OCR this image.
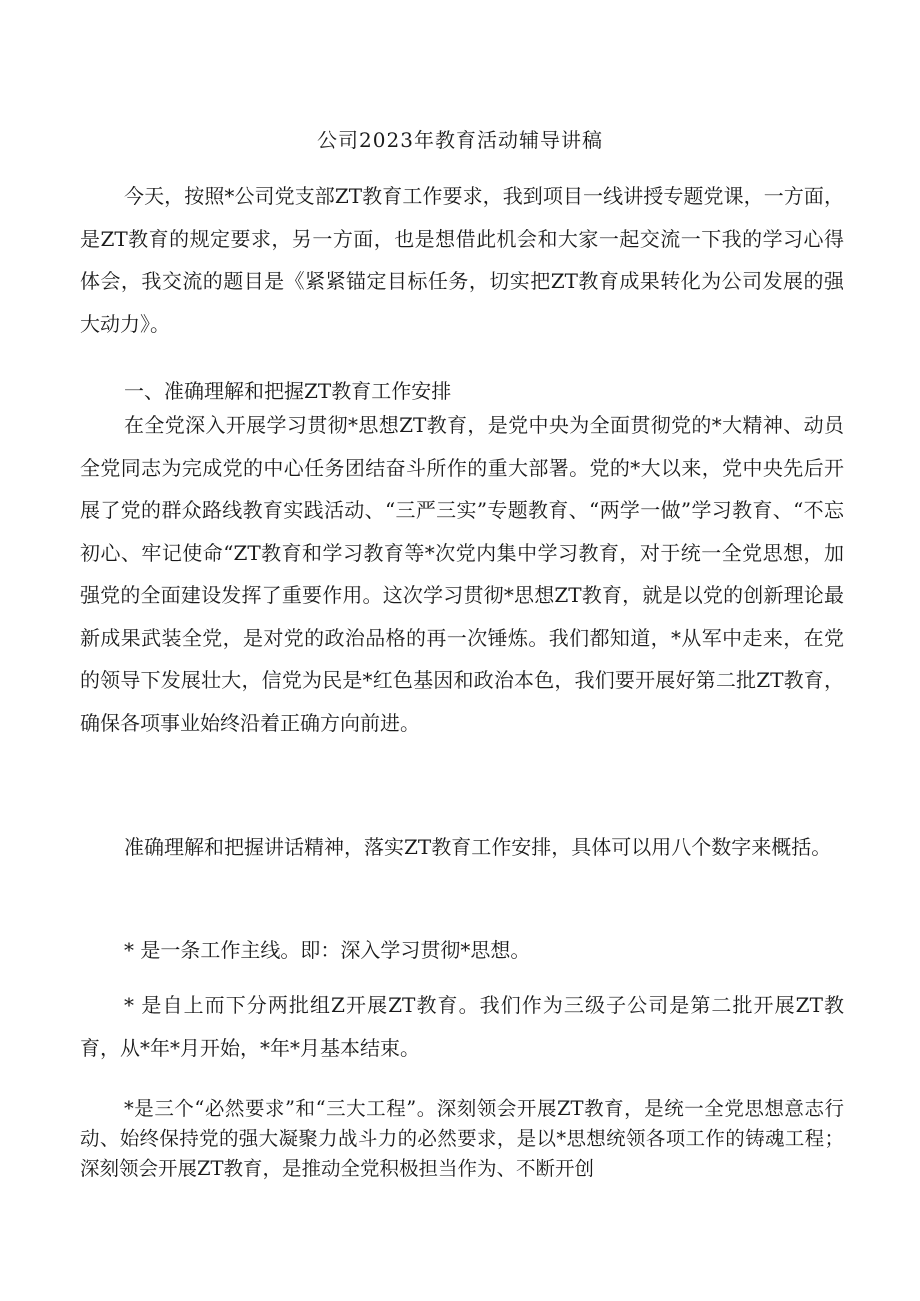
公司2023年教育活动辅导讲稿

今天，按照*公司党支部ZT教育工作要求，我到项目一线讲授专题党课，一方面，是ZT教育的规定要求，另一方面，也是想借此机会和大家一起交流一下我的学习心得体会，我交流的题目是《紧紧锚定目标任务，切实把ZT教育成果转化为公司发展的强大动力》。

一、准确理解和把握ZT教育工作安排

在全党深入开展学习贯彻*思想ZT教育，是党中央为全面贯彻党的*大精神、动员全党同志为完成党的中心任务团结奋斗所作的重大部署。党的*大以来，党中央先后开展了党的群众路线教育实践活动、“三严三实”专题教育、“两学一做”学习教育、“不忘初心、牢记使命“ZT教育和学习教育等*次党内集中学习教育，对于统一全党思想，加强党的全面建设发挥了重要作用。这次学习贯彻*思想ZT教育，就是以党的创新理论最新成果武装全党，是对党的政治品格的再一次锤炼。我们都知道，*从军中走来，在党的领导下发展壮大，信党为民是*红色基因和政治本色，我们要开展好第二批ZT教育，确保各项事业始终沿着正确方向前进。

准确理解和把握讲话精神，落实ZT教育工作安排，具体可以用八个数字来概括。

* 是一条工作主线。即：深入学习贯彻*思想。

* 是自上而下分两批组Z开展ZT教育。我们作为三级子公司是第二批开展ZT教育，从*年*月开始，*年*月基本结束。

*是三个“必然要求”和“三大工程”。深刻领会开展ZT教育，是统一全党思想意志行动、始终保持党的强大凝聚力战斗力的必然要求，是以*思想统领各项工作的铸魂工程；深刻领会开展ZT教育，是推动全党积极担当作为、不断开创
